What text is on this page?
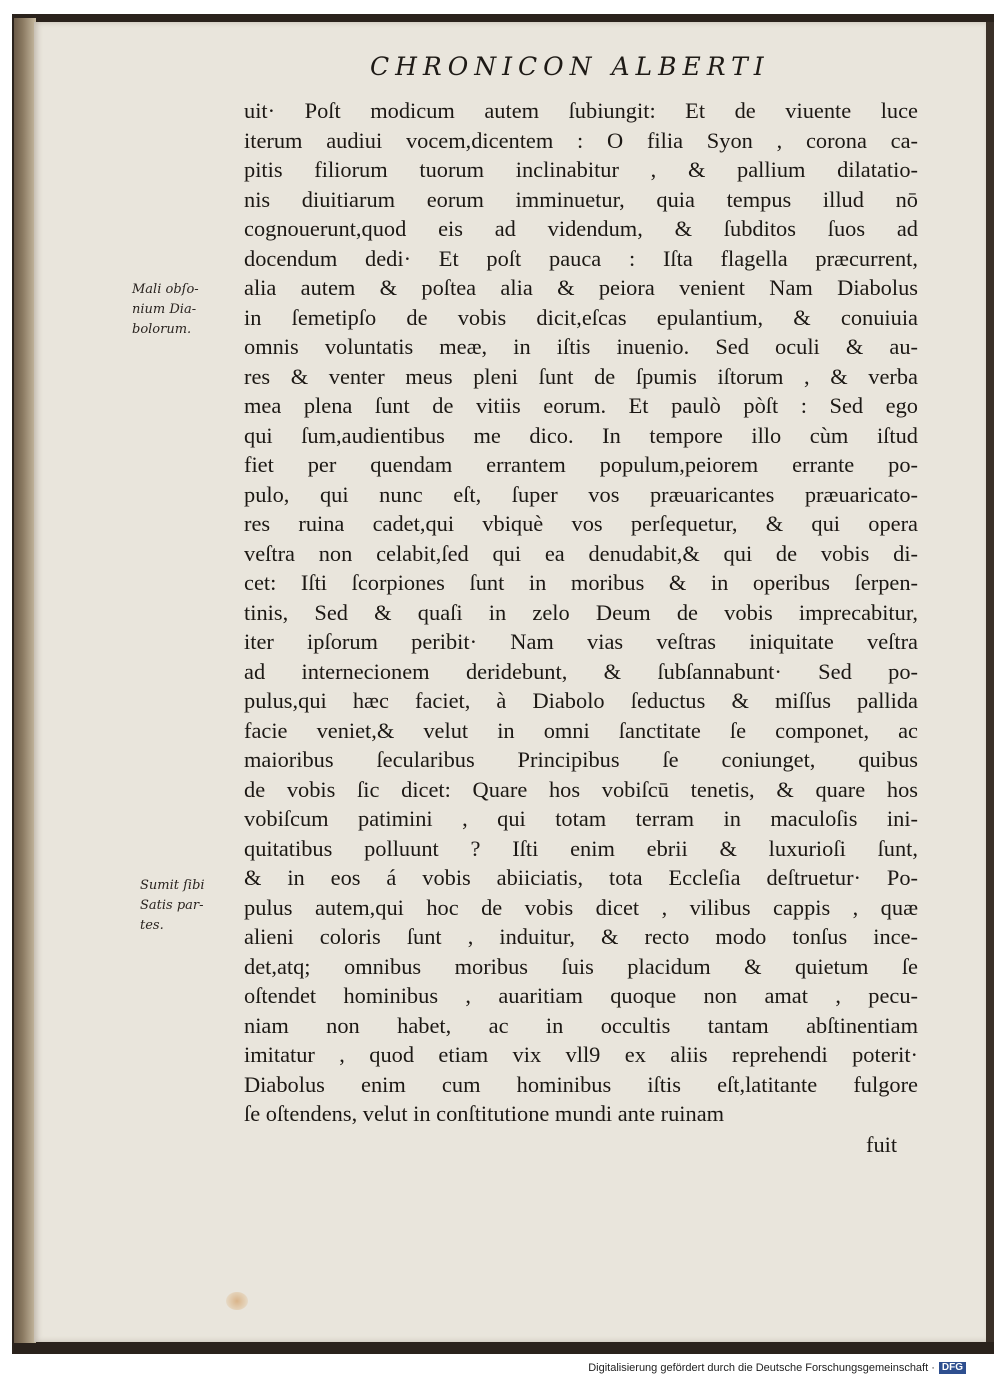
CHRONICON ALBERTI
Mali obſo-
nium Dia-
bolorum.
Sumit ſibi
Satis par-
tes.
uit· Poſt modicum autem ſubiungit: Et de viuente luce
iterum audiui vocem,dicentem : O filia Syon , corona ca-
pitis filiorum tuorum inclinabitur , & pallium dilatatio-
nis diuitiarum eorum imminuetur, quia tempus illud nō
cognouerunt,quod eis ad videndum, & ſubditos ſuos ad
docendum dedi· Et poſt pauca : Iſta flagella præcurrent,
alia autem & poſtea alia & peiora venient Nam Diabolus
in ſemetipſo de vobis dicit,eſcas epulantium, & conuiuia
omnis voluntatis meæ, in iſtis inuenio. Sed oculi & au-
res & venter meus pleni ſunt de ſpumis iſtorum , & verba
mea plena ſunt de vitiis eorum. Et paulò pòſt : Sed ego
qui ſum,audientibus me dico. In tempore illo cùm iſtud
fiet per quendam errantem populum,peiorem errante po-
pulo, qui nunc eſt, ſuper vos præuaricantes præuaricato-
res ruina cadet,qui vbiquè vos perſequetur, & qui opera
veſtra non celabit,ſed qui ea denudabit,& qui de vobis di-
cet: Iſti ſcorpiones ſunt in moribus & in operibus ſerpen-
tinis, Sed & quaſi in zelo Deum de vobis imprecabitur,
iter ipſorum peribit· Nam vias veſtras iniquitate veſtra
ad internecionem deridebunt, & ſubſannabunt· Sed po-
pulus,qui hæc faciet, à Diabolo ſeductus & miſſus pallida
facie veniet,& velut in omni ſanctitate ſe componet, ac
maioribus ſecularibus Principibus ſe coniunget, quibus
de vobis ſic dicet: Quare hos vobiſcū tenetis, & quare hos
vobiſcum patimini , qui totam terram in maculoſis ini-
quitatibus polluunt ? Iſti enim ebrii & luxurioſi ſunt,
& in eos á vobis abiiciatis, tota Eccleſia deſtruetur· Po-
pulus autem,qui hoc de vobis dicet , vilibus cappis , quæ
alieni coloris ſunt , induitur, & recto modo tonſus ince-
det,atq; omnibus moribus ſuis placidum & quietum ſe
oſtendet hominibus , auaritiam quoque non amat , pecu-
niam non habet, ac in occultis tantam abſtinentiam
imitatur , quod etiam vix vll9 ex aliis reprehendi poterit·
Diabolus enim cum hominibus iſtis eſt,latitante fulgore
ſe oſtendens, velut in conſtitutione mundi ante ruinam
fuit
Digitalisierung gefördert durch die Deutsche Forschungsgemeinschaft · DFG
